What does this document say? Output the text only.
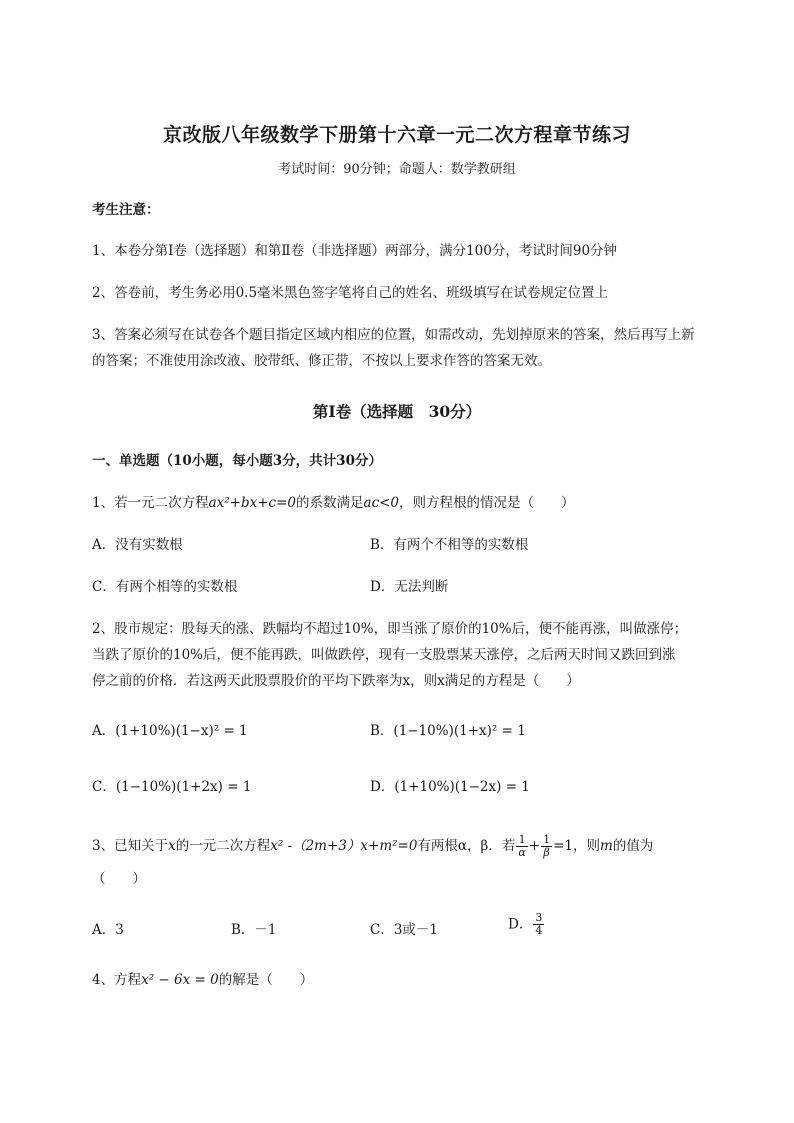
京改版八年级数学下册第十六章一元二次方程章节练习
考试时间：90分钟；命题人：数学教研组
考生注意：
1、本卷分第I卷（选择题）和第Ⅱ卷（非选择题）两部分，满分100分，考试时间90分钟
2、答卷前，考生务必用0.5毫米黑色签字笔将自己的姓名、班级填写在试卷规定位置上
3、答案必须写在试卷各个题目指定区域内相应的位置，如需改动，先划掉原来的答案，然后再写上新
的答案；不准使用涂改液、胶带纸、修正带，不按以上要求作答的答案无效。
第I卷（选择题　30分）
一、单选题（10小题，每小题3分，共计30分）
1、若一元二次方程ax²+bx+c=0的系数满足ac<0，则方程根的情况是（　　）
A．没有实数根	B．有两个不相等的实数根
C．有两个相等的实数根	D．无法判断
2、股市规定：股每天的涨、跌幅均不超过10%，即当涨了原价的10%后，便不能再涨，叫做涨停；
当跌了原价的10%后，便不能再跌，叫做跌停，现有一支股票某天涨停，之后两天时间又跌回到涨
停之前的价格．若这两天此股票股价的平均下跌率为x，则x满足的方程是（　　）
A．(1+10%)(1−x)² = 1	B．(1−10%)(1+x)² = 1
C．(1−10%)(1+2x) = 1	D．(1+10%)(1−2x) = 1
3、已知关于x的一元二次方程x² -（2m+3）x+m²=0有两根α，β．若 $\frac{1}{\alpha} + \frac{1}{\beta} =1$，则m的值为
（　　）
A．3	B．－1	C．3或－1	D． $\frac{3}{4}$
4、方程x² − 6x = 0的解是（　　）
